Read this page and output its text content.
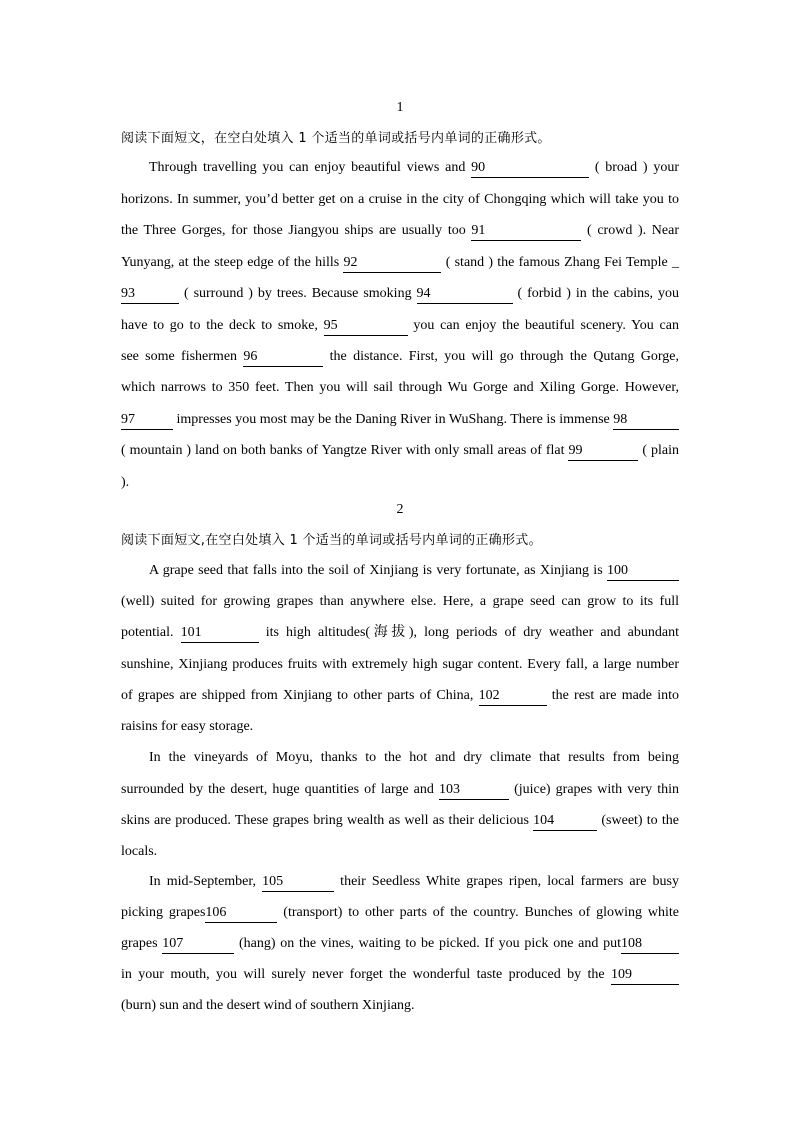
1
阅读下面短文，在空白处填入 1 个适当的单词或括号内单词的正确形式。
Through travelling you can enjoy beautiful views and 90	( broad ) your
horizons. In summer, you’d better get on a cruise in the city of Chongqing which will take you to
the Three Gorges, for those Jiangyou ships are usually too 91	( crowd ). Near
Yunyang, at the steep edge of the hills 92	( stand ) the famous Zhang Fei Temple _
93	( surround ) by trees. Because smoking 94	( forbid ) in the cabins, you
have to go to the deck to smoke, 95	you can enjoy the beautiful scenery. You can
see some fishermen 96	the distance. First, you will go through the Qutang Gorge,
which narrows to 350 feet. Then you will sail through Wu Gorge and Xiling Gorge. However,
97	impresses you most may be the Daning River in WuShang. There is immense 98
( mountain ) land on both banks of Yangtze River with only small areas of flat 99	( plain
).
2
阅读下面短文,在空白处填入 1 个适当的单词或括号内单词的正确形式。
A grape seed that falls into the soil of Xinjiang is very fortunate, as Xinjiang is 100
(well) suited for growing grapes than anywhere else. Here, a grape seed can grow to its full
potential. 101	its high altitudes(海拔), long periods of dry weather and abundant
sunshine, Xinjiang produces fruits with extremely high sugar content. Every fall, a large number
of grapes are shipped from Xinjiang to other parts of China, 102	the rest are made into
raisins for easy storage.
In the vineyards of Moyu, thanks to the hot and dry climate that results from being
surrounded by the desert, huge quantities of large and 103	(juice) grapes with very thin
skins are produced. These grapes bring wealth as well as their delicious 104	(sweet) to the
locals.
In mid-September, 105	their Seedless White grapes ripen, local farmers are busy
picking grapes106	(transport) to other parts of the country. Bunches of glowing white
grapes 107	(hang) on the vines, waiting to be picked. If you pick one and put108
in your mouth, you will surely never forget the wonderful taste produced by the 109
(burn) sun and the desert wind of southern Xinjiang.
